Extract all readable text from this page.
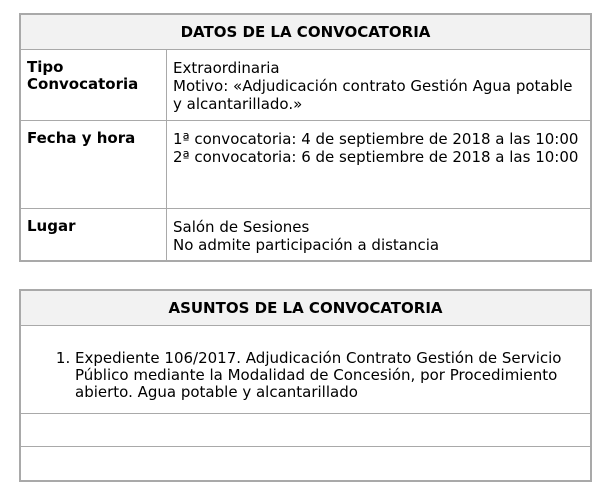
DATOS DE LA CONVOCATORIA
Tipo Convocatoria
Extraordinaria
Motivo: «Adjudicación contrato Gestión Agua potable y alcantarillado.»
Fecha y hora	1ª convocatoria: 4 de septiembre de 2018 a las 10:00
2ª convocatoria: 6 de septiembre de 2018 a las 10:00
Lugar	Salón de Sesiones
No admite participación a distancia
ASUNTOS DE LA CONVOCATORIA
1. Expediente 106/2017. Adjudicación Contrato Gestión de Servicio Público mediante la Modalidad de Concesión, por Procedimiento abierto. Agua potable y alcantarillado
